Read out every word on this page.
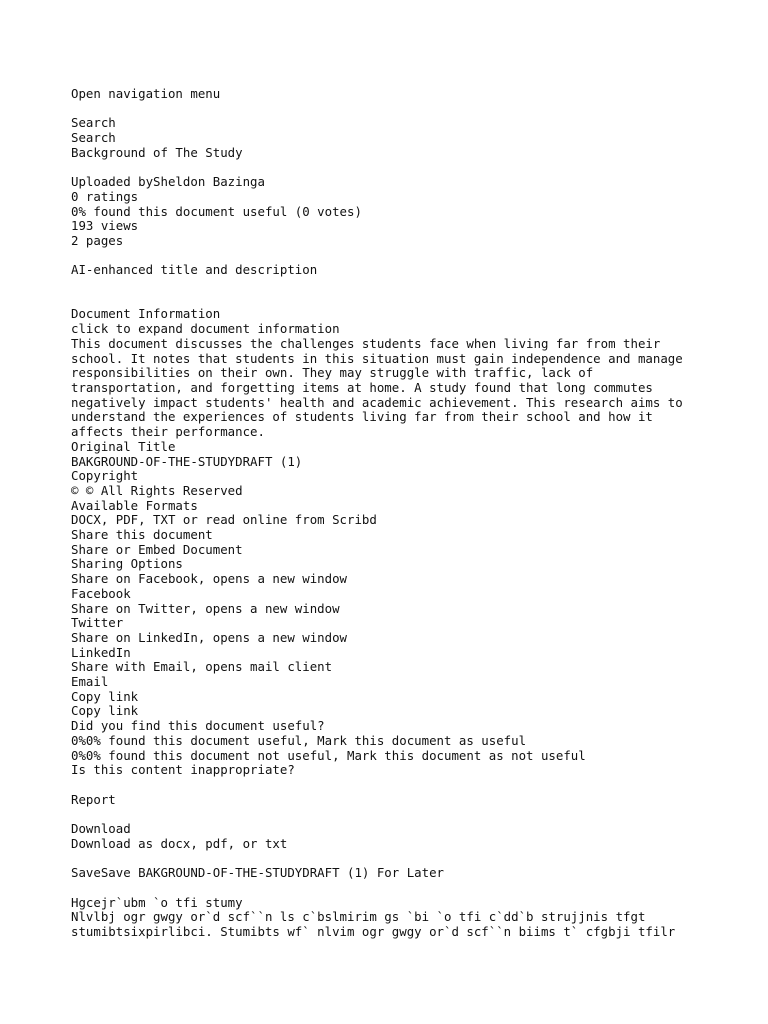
Open navigation menu
Search
Search
Background of The Study
Uploaded bySheldon Bazinga
0 ratings
0% found this document useful (0 votes)
193 views
2 pages
AI-enhanced title and description
Document Information
click to expand document information
This document discusses the challenges students face when living far from their
school. It notes that students in this situation must gain independence and manage
responsibilities on their own. They may struggle with traffic, lack of
transportation, and forgetting items at home. A study found that long commutes
negatively impact students' health and academic achievement. This research aims to
understand the experiences of students living far from their school and how it
affects their performance.
Original Title
BAKGROUND-OF-THE-STUDYDRAFT (1)
Copyright
© © All Rights Reserved
Available Formats
DOCX, PDF, TXT or read online from Scribd
Share this document
Share or Embed Document
Sharing Options
Share on Facebook, opens a new window
Facebook
Share on Twitter, opens a new window
Twitter
Share on LinkedIn, opens a new window
LinkedIn
Share with Email, opens mail client
Email
Copy link
Copy link
Did you find this document useful?
0%0% found this document useful, Mark this document as useful
0%0% found this document not useful, Mark this document as not useful
Is this content inappropriate?
Report
Download
Download as docx, pdf, or txt
SaveSave BAKGROUND-OF-THE-STUDYDRAFT (1) For Later
Hgcejr`ubm `o tfi stumy
Nlvlbj ogr gwgy or`d scf``n ls c`bslmirim gs `bi `o tfi c`dd`b strujjnis tfgt
stumibtsixpirlibci. Stumibts wf` nlvim ogr gwgy or`d scf``n biims t` cfgbji tfilr
